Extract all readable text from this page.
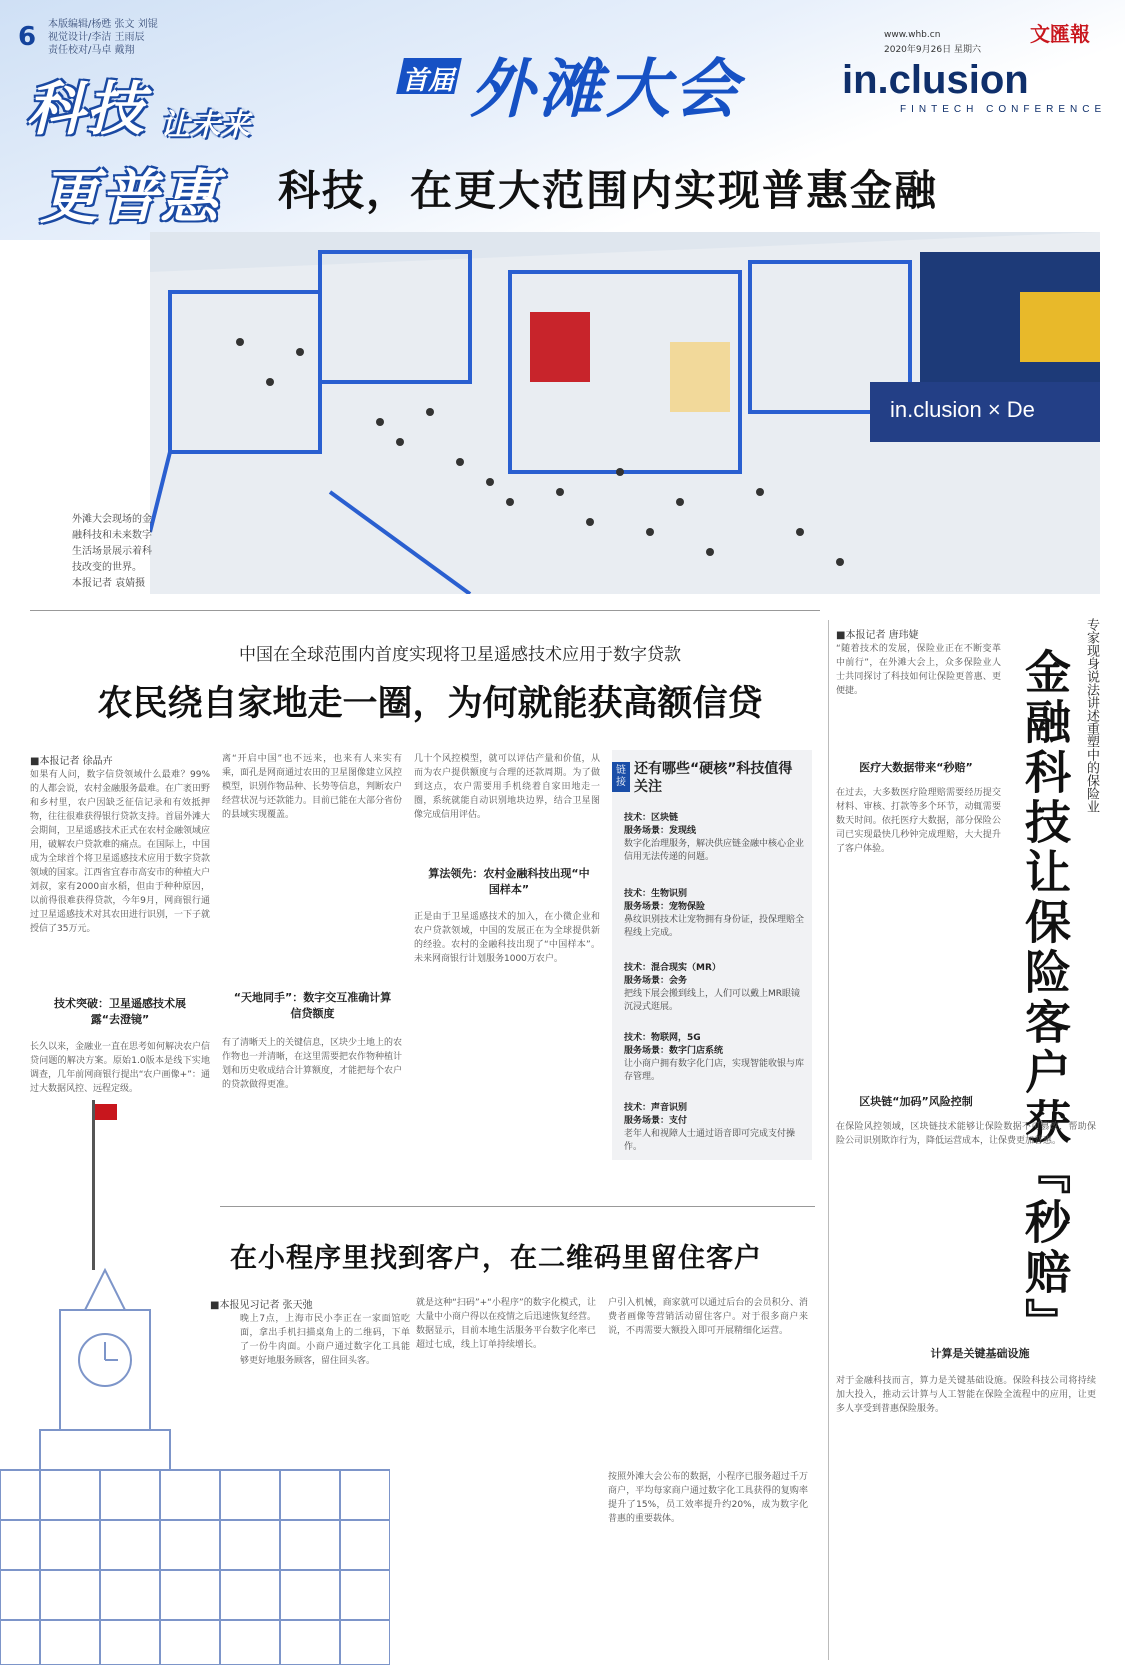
6 本版编辑/杨甦 张文 刘锟
视觉设计/李洁 王雨辰
责任校对/马卓 戴翔
科技 让未来
更普惠
首届 外滩大会	in.clusion
FINTECH CONFERENCE
www.whb.cn
2020年9月26日 星期六
文匯報
科技，在更大范围内实现普惠金融
in.clusion × De
外滩大会现场的金融科技和未来数字生活场景展示着科技改变的世界。
本报记者 袁婧摄
中国在全球范围内首度实现将卫星遥感技术应用于数字贷款
农民绕自家地走一圈，为何就能获高额信贷
■本报记者 徐晶卉
如果有人问，数字信贷领域什么最难？99%的人都会说，农村金融服务最难。在广袤田野和乡村里，农户因缺乏征信记录和有效抵押物，往往很难获得银行贷款支持。首届外滩大会期间，卫星遥感技术正式在农村金融领域应用，破解农户贷款难的痛点。在国际上，中国成为全球首个将卫星遥感技术应用于数字贷款领域的国家。江西省宜春市高安市的种植大户刘叔，家有2000亩水稻，但由于种种原因，以前得很难获得贷款，今年9月，网商银行通过卫星遥感技术对其农田进行识别，一下子就授信了35万元。
技术突破：卫星遥感技术展露“去澄镜”
长久以来，金融业一直在思考如何解决农户信贷问题的解决方案。原始1.0版本是线下实地调查，几年前网商银行提出“农户画像+”：通过大数据风控、远程定级。
离“开启中国”也不远来，也来有人来实有乘，面孔是网商通过农田的卫星图像建立风控模型，识别作物品种、长势等信息，判断农户经营状况与还款能力。目前已能在大部分省份的县域实现覆盖。
“天地同手”：数字交互准确计算信贷额度
有了清晰天上的关键信息，区块少土地上的农作物也一并清晰，在这里需要把农作物种植计划和历史收成结合计算额度，才能把每个农户的贷款做得更准。
几十个风控模型，就可以评估产量和价值，从而为农户提供额度与合理的还款周期。为了做到这点，农户需要用手机绕着自家田地走一圈，系统就能自动识别地块边界，结合卫星图像完成信用评估。
算法领先：农村金融科技出现“中国样本”
正是由于卫星遥感技术的加入，在小微企业和农户贷款领域，中国的发展正在为全球提供新的经验。农村的金融科技出现了“中国样本”。未来网商银行计划服务1000万农户。
链接
还有哪些“硬核”科技值得关注
技术：区块链
服务场景：发现线
数字化治理服务，解决供应链金融中核心企业信用无法传递的问题。
技术：生物识别
服务场景：宠物保险
鼻纹识别技术让宠物拥有身份证，投保理赔全程线上完成。
技术：混合现实（MR）
服务场景：会务
把线下展会搬到线上，人们可以戴上MR眼镜沉浸式逛展。
技术：物联网，5G
服务场景：数字门店系统
让小商户拥有数字化门店，实现智能收银与库存管理。
技术：声音识别
服务场景：支付
老年人和视障人士通过语音即可完成支付操作。
在小程序里找到客户，在二维码里留住客户
■本报见习记者 张天弛
晚上7点，上海市民小李正在一家面馆吃面，拿出手机扫描桌角上的二维码，下单了一份牛肉面。小商户通过数字化工具能够更好地服务顾客，留住回头客。
就是这种“扫码”+“小程序”的数字化模式，让大量中小商户得以在疫情之后迅速恢复经营。数据显示，目前本地生活服务平台数字化率已超过七成，线上订单持续增长。
户引入机械，商家就可以通过后台的会员积分、消费者画像等营销活动留住客户。对于很多商户来说，不再需要大额投入即可开展精细化运营。
按照外滩大会公布的数据，小程序已服务超过千万商户，平均每家商户通过数字化工具获得的复购率提升了15%，员工效率提升约20%，成为数字化普惠的重要载体。
专家现身说法讲述重塑中的保险业
金融科技让保险客户获『秒赔』
■本报记者 唐玮婕
“随着技术的发展，保险业正在不断变革中前行”，在外滩大会上，众多保险业人士共同探讨了科技如何让保险更普惠、更便捷。
医疗大数据带来“秒赔”
在过去，大多数医疗险理赔需要经历提交材料、审核、打款等多个环节，动辄需要数天时间。依托医疗大数据，部分保险公司已实现最快几秒钟完成理赔，大大提升了客户体验。
区块链“加码”风险控制
在保险风控领域，区块链技术能够让保险数据不可篡改，帮助保险公司识别欺诈行为，降低运营成本，让保费更加普惠。
计算是关键基础设施
对于金融科技而言，算力是关键基础设施。保险科技公司将持续加大投入，推动云计算与人工智能在保险全流程中的应用，让更多人享受到普惠保险服务。
